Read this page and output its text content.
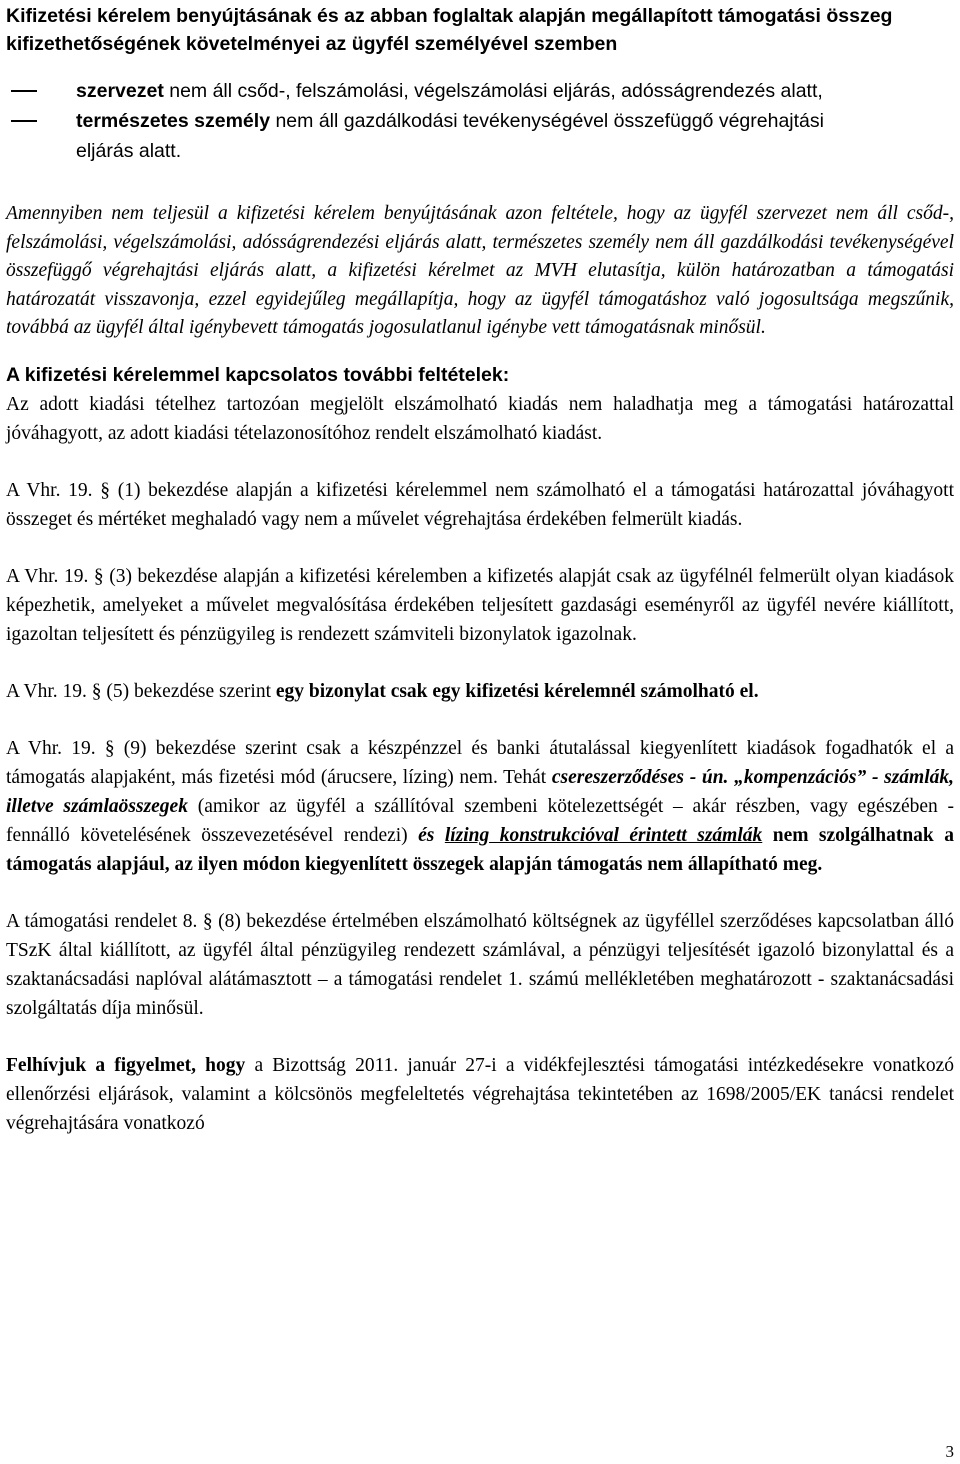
Kifizetési kérelem benyújtásának és az abban foglaltak alapján megállapított támogatási összeg kifizethetőségének követelményei az ügyfél személyével szemben
szervezet nem áll csőd-, felszámolási, végelszámolási eljárás, adósságrendezés alatt,
természetes személy nem áll gazdálkodási tevékenységével összefüggő végrehajtási
eljárás alatt.

Amennyiben nem teljesül a kifizetési kérelem benyújtásának azon feltétele, hogy az ügyfél szervezet nem áll csőd-, felszámolási, végelszámolási, adósságrendezési eljárás alatt, természetes személy nem áll gazdálkodási tevékenységével összefüggő végrehajtási eljárás alatt, a kifizetési kérelmet az MVH elutasítja, külön határozatban a támogatási határozatát visszavonja, ezzel egyidejűleg megállapítja, hogy az ügyfél támogatáshoz való jogosultsága megszűnik, továbbá az ügyfél által igénybevett támogatás jogosulatlanul igénybe vett támogatásnak minősül.

A kifizetési kérelemmel kapcsolatos további feltételek:

Az adott kiadási tételhez tartozóan megjelölt elszámolható kiadás nem haladhatja meg a támogatási határozattal jóváhagyott, az adott kiadási tételazonosítóhoz rendelt elszámolható kiadást.

A Vhr. 19. § (1) bekezdése alapján a kifizetési kérelemmel nem számolható el a támogatási határozattal jóváhagyott összeget és mértéket meghaladó vagy nem a művelet végrehajtása érdekében felmerült kiadás.

A Vhr. 19. § (3) bekezdése alapján a kifizetési kérelemben a kifizetés alapját csak az ügyfélnél felmerült olyan kiadások képezhetik, amelyeket a művelet megvalósítása érdekében teljesített gazdasági eseményről az ügyfél nevére kiállított, igazoltan teljesített és pénzügyileg is rendezett számviteli bizonylatok igazolnak.

A Vhr. 19. § (5) bekezdése szerint egy bizonylat csak egy kifizetési kérelemnél számolható el.

A Vhr. 19. § (9) bekezdése szerint csak a készpénzzel és banki átutalással kiegyenlített kiadások fogadhatók el a támogatás alapjaként, más fizetési mód (árucsere, lízing) nem. Tehát csereszerződéses - ún. „kompenzációs” - számlák, illetve számlaösszegek (amikor az ügyfél a szállítóval szembeni kötelezettségét – akár részben, vagy egészében - fennálló követelésének összevezetésével rendezi) és lízing konstrukcióval érintett számlák nem szolgálhatnak a támogatás alapjául, az ilyen módon kiegyenlített összegek alapján támogatás nem állapítható meg.

A támogatási rendelet 8. § (8) bekezdése értelmében elszámolható költségnek az ügyféllel szerződéses kapcsolatban álló TSzK által kiállított, az ügyfél által pénzügyileg rendezett számlával, a pénzügyi teljesítését igazoló bizonylattal és a szaktanácsadási naplóval alátámasztott – a támogatási rendelet 1. számú mellékletében meghatározott - szaktanácsadási szolgáltatás díja minősül.

Felhívjuk a figyelmet, hogy a Bizottság 2011. január 27-i a vidékfejlesztési támogatási intézkedésekre vonatkozó ellenőrzési eljárások, valamint a kölcsönös megfeleltetés végrehajtása tekintetében az 1698/2005/EK tanácsi rendelet végrehajtására vonatkozó

3
